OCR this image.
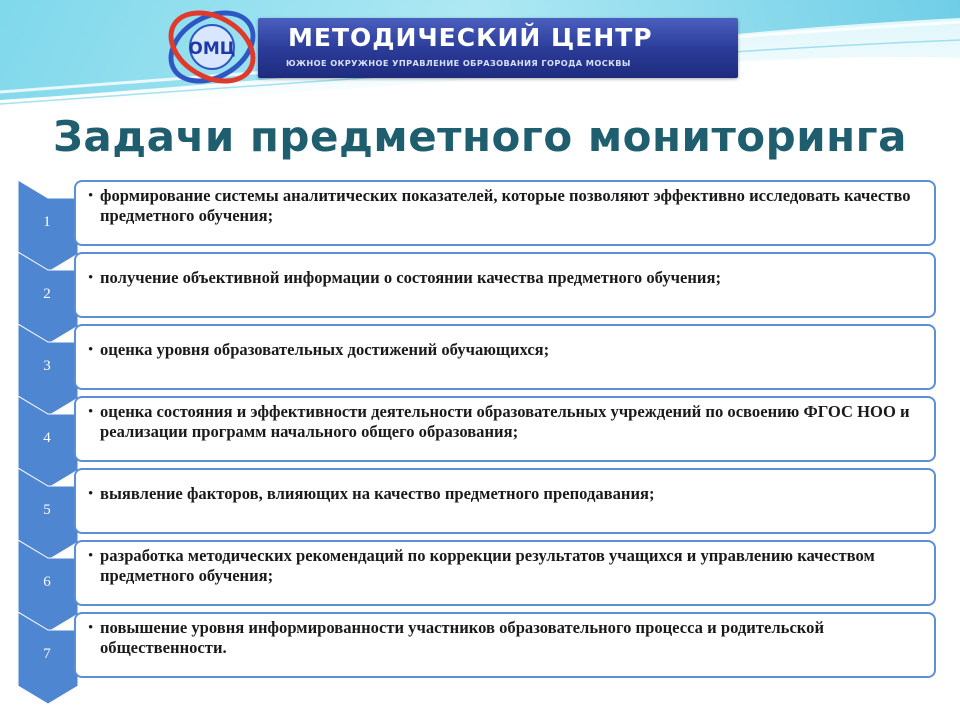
ОМЦ МЕТОДИЧЕСКИЙ ЦЕНТР
ЮЖНОЕ ОКРУЖНОЕ УПРАВЛЕНИЕ ОБРАЗОВАНИЯ ГОРОДА МОСКВЫ
Задачи предметного мониторинга
1
• формирование системы аналитических показателей, которые позволяют эффективно исследовать качество предметного обучения;
2
• получение объективной информации о состоянии качества предметного обучения;
3
• оценка уровня образовательных достижений обучающихся;
4
• оценка состояния и эффективности деятельности образовательных учреждений по освоению ФГОС НОО и реализации программ начального общего образования;
5
• выявление факторов, влияющих на качество предметного преподавания;
6
• разработка методических рекомендаций по коррекции результатов учащихся и управлению качеством предметного обучения;
7
• повышение уровня информированности участников образовательного процесса и родительской общественности.
